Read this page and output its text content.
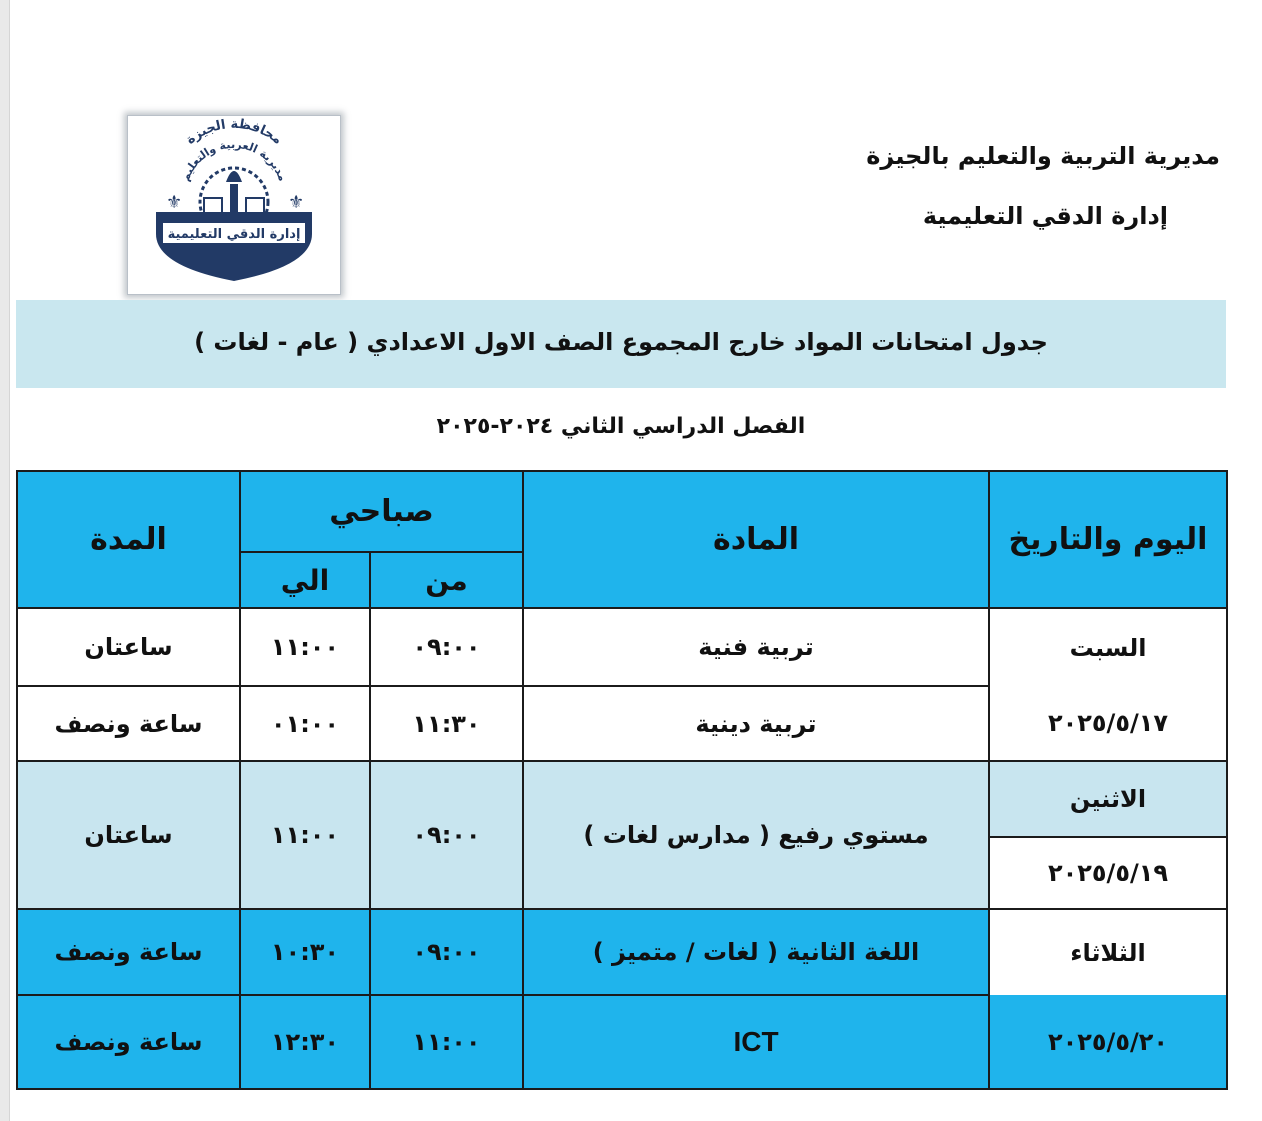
⚜	⚜
محافظة الجيزة
مديرية العربية والتعليم
إدارة الدقي التعليمية
مديرية التربية والتعليم بالجيزة
إدارة الدقي التعليمية
جدول امتحانات المواد خارج المجموع الصف الاول الاعدادي ( عام - لغات )
الفصل الدراسي الثاني ٢٠٢٤-٢٠٢٥
المدة	صباحي		المادة	اليوم والتاريخ
	الي	من		
ساعتان	١١:٠٠	٠٩:٠٠	تربية فنية	السبت
ساعة ونصف	٠١:٠٠	١١:٣٠	تربية دينية	٢٠٢٥/٥/١٧
ساعتان	١١:٠٠	٠٩:٠٠	مستوي رفيع ( مدارس لغات )	الاثنين
				٢٠٢٥/٥/١٩
ساعة ونصف	١٠:٣٠	٠٩:٠٠	اللغة الثانية ( لغات / متميز )	الثلاثاء
ساعة ونصف	١٢:٣٠	١١:٠٠	ICT	٢٠٢٥/٥/٢٠
